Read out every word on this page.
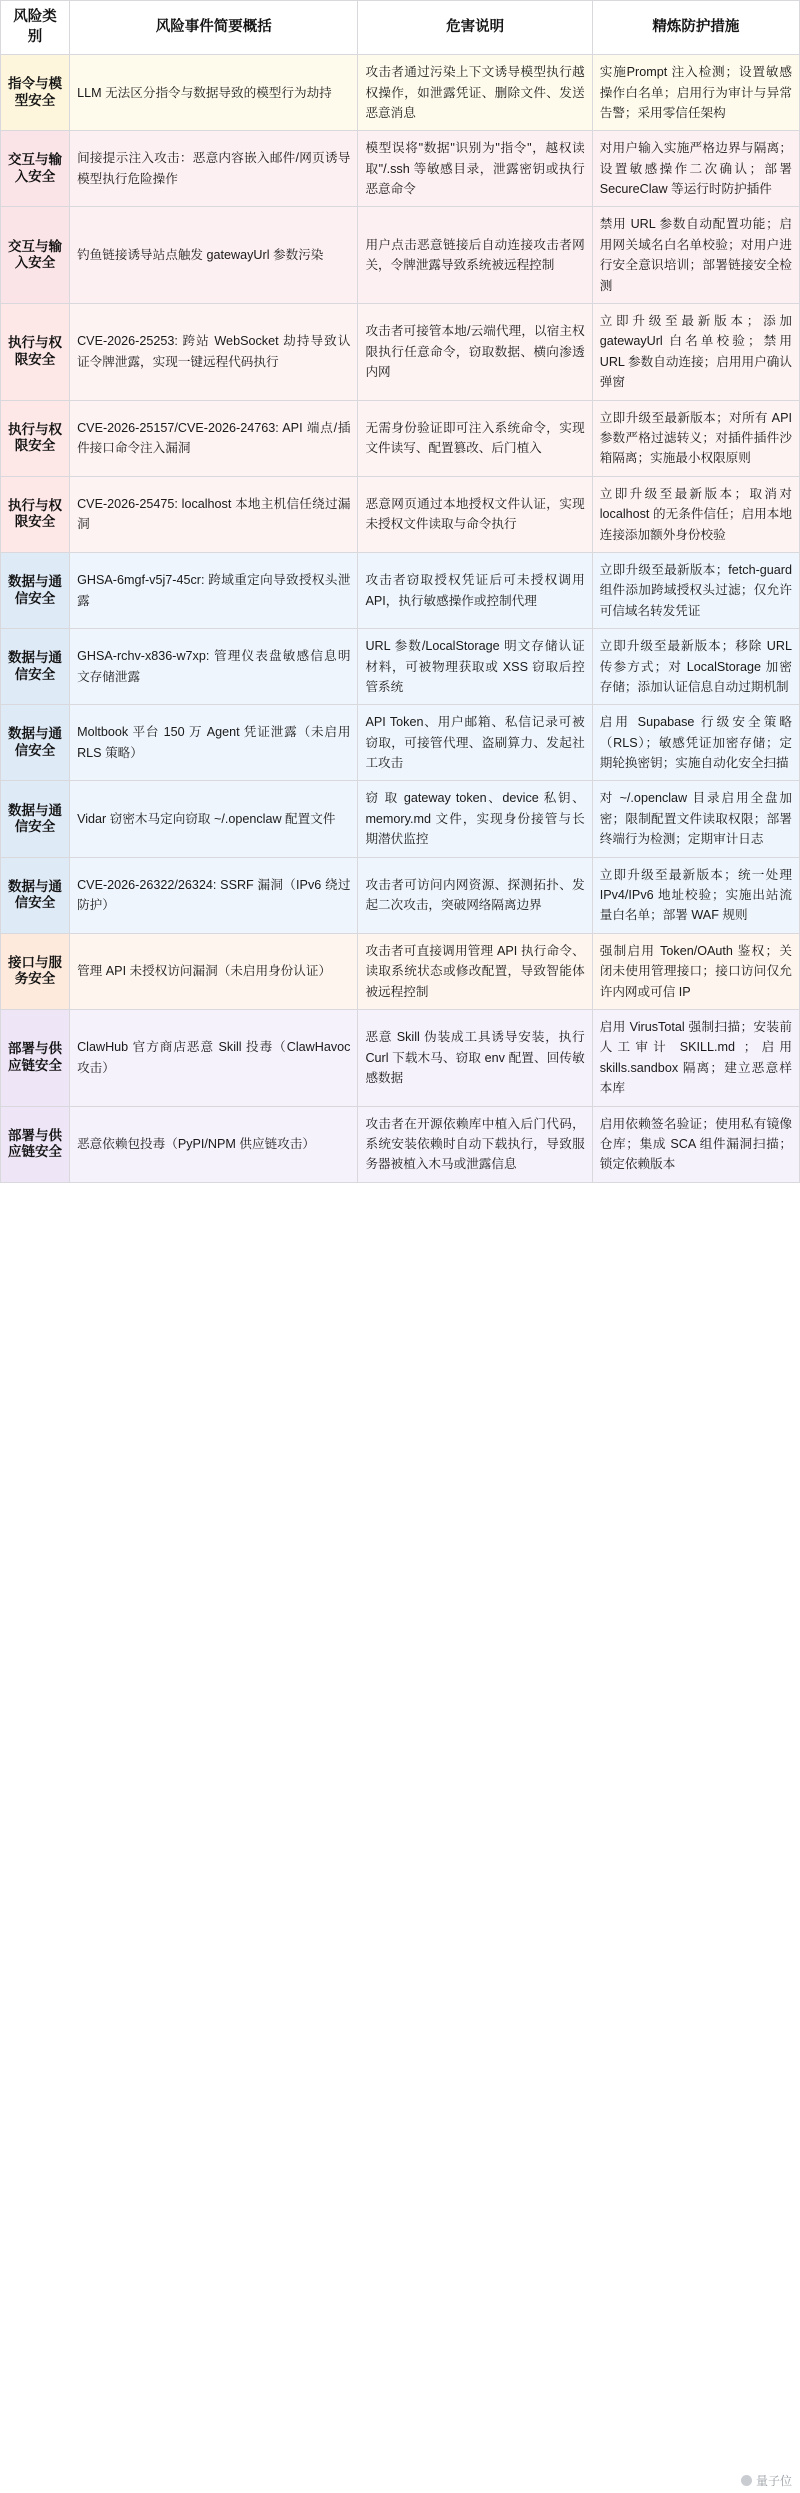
风险类别	风险事件简要概括	危害说明	精炼防护措施
指令与模型安全	LLM 无法区分指令与数据导致的模型行为劫持	攻击者通过污染上下文诱导模型执行越权操作，如泄露凭证、删除文件、发送恶意消息	实施Prompt 注入检测；设置敏感操作白名单；启用行为审计与异常告警；采用零信任架构
交互与输入安全	间接提示注入攻击：恶意内容嵌入邮件/网页诱导模型执行危险操作	模型误将"数据"识别为"指令"，越权读取"/.ssh 等敏感目录，泄露密钥或执行恶意命令	对用户输入实施严格边界与隔离；设置敏感操作二次确认；部署 SecureClaw 等运行时防护插件
交互与输入安全	钓鱼链接诱导站点触发 gatewayUrl 参数污染	用户点击恶意链接后自动连接攻击者网关，令牌泄露导致系统被远程控制	禁用 URL 参数自动配置功能；启用网关域名白名单校验；对用户进行安全意识培训；部署链接安全检测
执行与权限安全	CVE-2026-25253: 跨站 WebSocket 劫持导致认证令牌泄露，实现一键远程代码执行	攻击者可接管本地/云端代理，以宿主权限执行任意命令，窃取数据、横向渗透内网	立即升级至最新版本；添加 gatewayUrl 白名单校验；禁用 URL 参数自动连接；启用用户确认弹窗
执行与权限安全	CVE-2026-25157/CVE-2026-24763: API 端点/插件接口命令注入漏洞	无需身份验证即可注入系统命令，实现文件读写、配置篡改、后门植入	立即升级至最新版本；对所有 API 参数严格过滤转义；对插件插件沙箱隔离；实施最小权限原则
执行与权限安全	CVE-2026-25475: localhost 本地主机信任绕过漏洞	恶意网页通过本地授权文件认证，实现未授权文件读取与命令执行	立即升级至最新版本；取消对 localhost 的无条件信任；启用本地连接添加额外身份校验
数据与通信安全	GHSA-6mgf-v5j7-45cr: 跨域重定向导致授权头泄露	攻击者窃取授权凭证后可未授权调用 API，执行敏感操作或控制代理	立即升级至最新版本；fetch-guard 组件添加跨域授权头过滤；仅允许可信域名转发凭证
数据与通信安全	GHSA-rchv-x836-w7xp: 管理仪表盘敏感信息明文存储泄露	URL 参数/LocalStorage 明文存储认证材料，可被物理获取或 XSS 窃取后控管系统	立即升级至最新版本；移除 URL 传参方式；对 LocalStorage 加密存储；添加认证信息自动过期机制
数据与通信安全	Moltbook 平台 150 万 Agent 凭证泄露（未启用 RLS 策略）	API Token、用户邮箱、私信记录可被窃取，可接管代理、盗刷算力、发起社工攻击	启用 Supabase 行级安全策略（RLS）；敏感凭证加密存储；定期轮换密钥；实施自动化安全扫描
数据与通信安全	Vidar 窃密木马定向窃取 ~/.openclaw 配置文件	窃 取 gateway token、device 私钥、memory.md 文件，实现身份接管与长期潜伏监控	对 ~/.openclaw 目录启用全盘加密；限制配置文件读取权限；部署终端行为检测；定期审计日志
数据与通信安全	CVE-2026-26322/26324: SSRF 漏洞（IPv6 绕过防护）	攻击者可访问内网资源、探测拓扑、发起二次攻击，突破网络隔离边界	立即升级至最新版本；统一处理 IPv4/IPv6 地址校验；实施出站流量白名单；部署 WAF 规则
接口与服务安全	管理 API 未授权访问漏洞（未启用身份认证）	攻击者可直接调用管理 API 执行命令、读取系统状态或修改配置，导致智能体被远程控制	强制启用 Token/OAuth 鉴权；关闭未使用管理接口；接口访问仅允许内网或可信 IP
部署与供应链安全	ClawHub 官方商店恶意 Skill 投毒（ClawHavoc 攻击）	恶意 Skill 伪装成工具诱导安装，执行 Curl 下载木马、窃取 env 配置、回传敏感数据	启用 VirusTotal 强制扫描；安装前人工审计 SKILL.md ；启用 skills.sandbox 隔离；建立恶意样本库
部署与供应链安全	恶意依赖包投毒（PyPI/NPM 供应链攻击）	攻击者在开源依赖库中植入后门代码，系统安装依赖时自动下载执行，导致服务器被植入木马或泄露信息	启用依赖签名验证；使用私有镜像仓库；集成 SCA 组件漏洞扫描；锁定依赖版本
量子位
